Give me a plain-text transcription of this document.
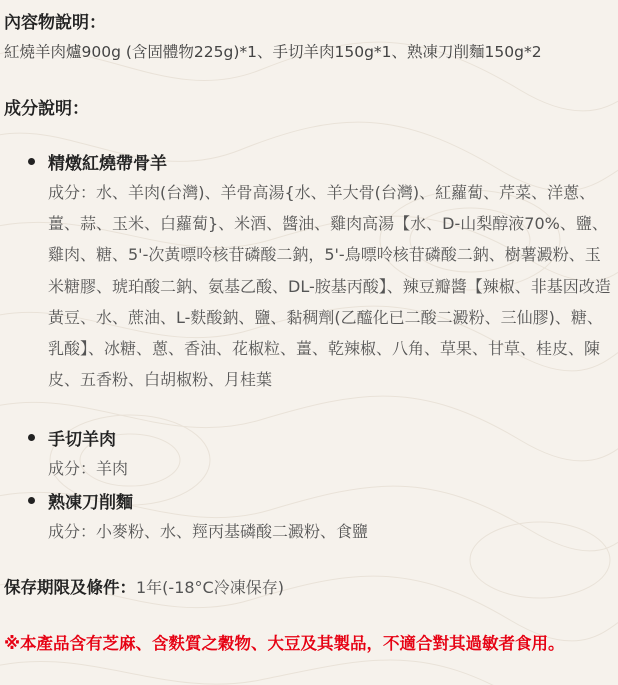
內容物說明：
紅燒羊肉爐900g (含固體物225g)*1、手切羊肉150g*1、熟凍刀削麵150g*2
成分說明：
精燉紅燒帶骨羊
成分：水、羊肉(台灣)、羊骨高湯{水、羊大骨(台灣)、紅蘿蔔、芹菜、洋蔥、薑、蒜、玉米、白蘿蔔}、米酒、醬油、雞肉高湯【水、D-山梨醇液70%、鹽、雞肉、糖、5'-次黃嘌呤核苷磷酸二鈉，5'-鳥嘌呤核苷磷酸二鈉、樹薯澱粉、玉米糖膠、琥珀酸二鈉、氨基乙酸、DL-胺基丙酸】、辣豆瓣醬【辣椒、非基因改造黃豆、水、蔗油、L-麩酸鈉、鹽、黏稠劑(乙醯化已二酸二澱粉、三仙膠)、糖、乳酸】、冰糖、蔥、香油、花椒粒、薑、乾辣椒、八角、草果、甘草、桂皮、陳皮、五香粉、白胡椒粉、月桂葉
手切羊肉
成分：羊肉
熟凍刀削麵
成分：小麥粉、水、羥丙基磷酸二澱粉、食鹽
保存期限及條件：1年(-18°C冷凍保存)
※本產品含有芝麻、含麩質之穀物、大豆及其製品，不適合對其過敏者食用。
